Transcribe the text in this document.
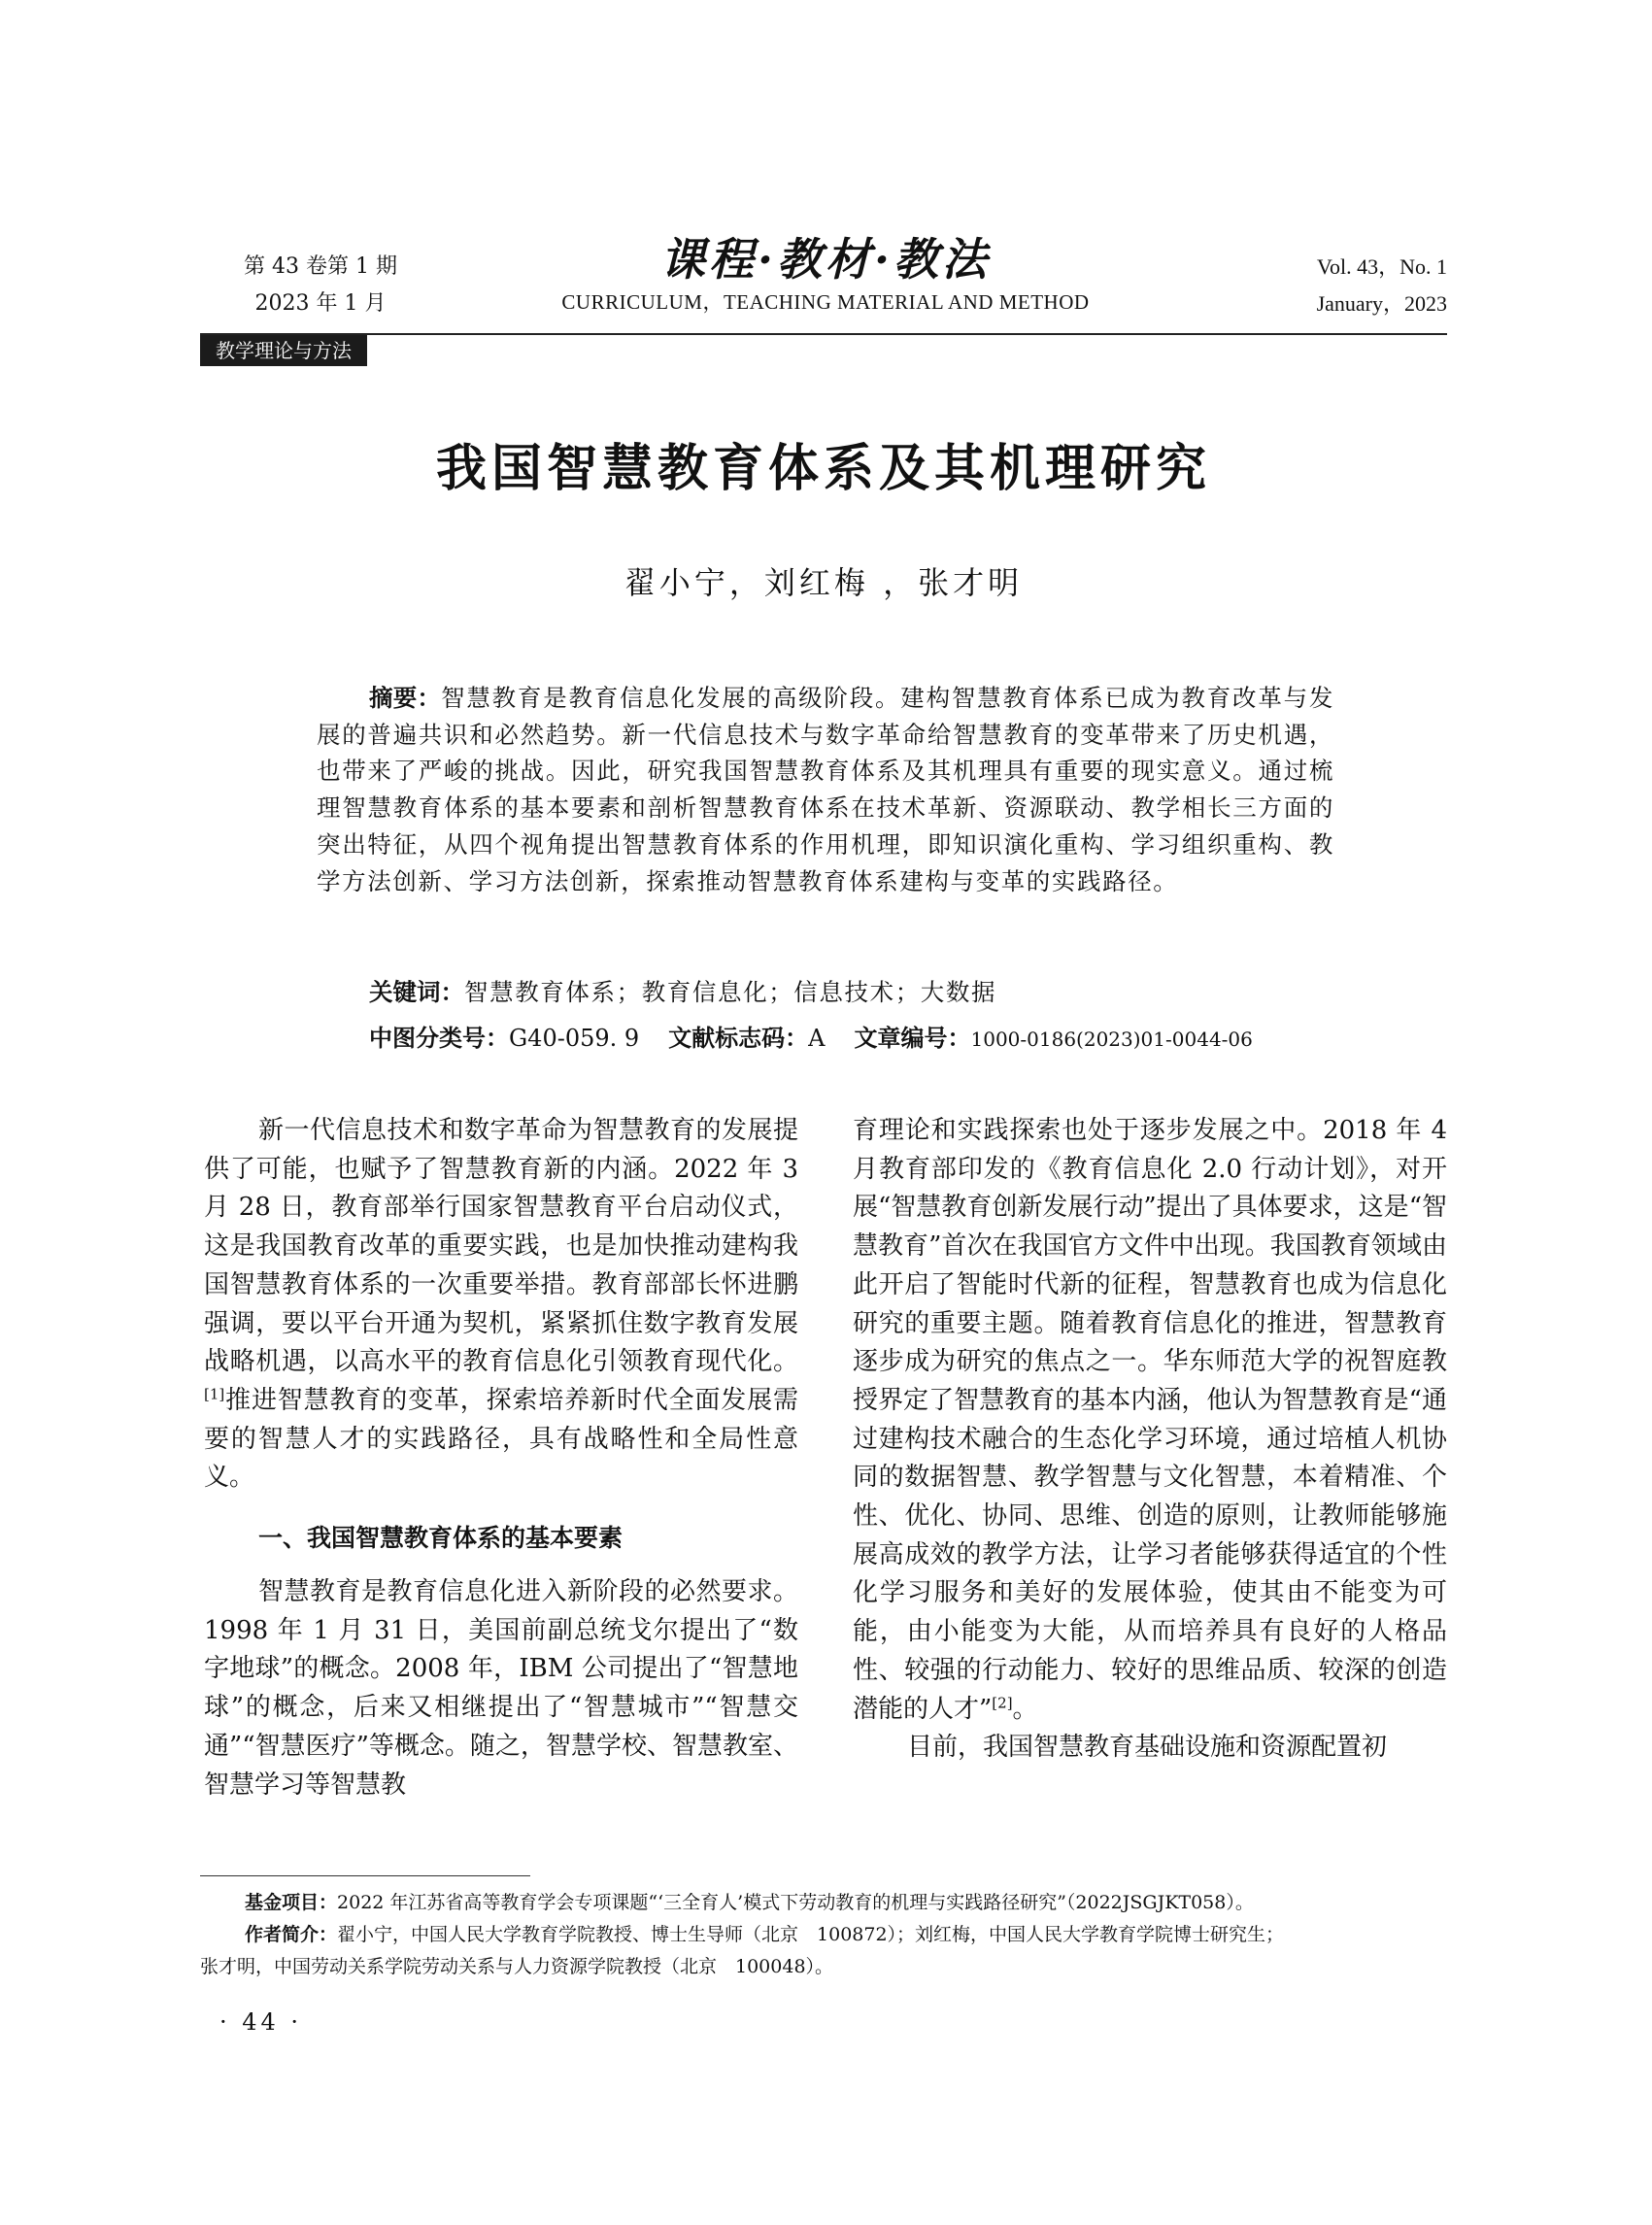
第 43 卷第 1 期
2023 年 1 月
课程·教材·教法
CURRICULUM，TEACHING MATERIAL AND METHOD
Vol. 43，No. 1
January，2023
教学理论与方法
我国智慧教育体系及其机理研究
翟小宁，刘红梅 ，张才明
摘要：智慧教育是教育信息化发展的高级阶段。建构智慧教育体系已成为教育改革与发展的普遍共识和必然趋势。新一代信息技术与数字革命给智慧教育的变革带来了历史机遇，也带来了严峻的挑战。因此，研究我国智慧教育体系及其机理具有重要的现实意义。通过梳理智慧教育体系的基本要素和剖析智慧教育体系在技术革新、资源联动、教学相长三方面的突出特征，从四个视角提出智慧教育体系的作用机理，即知识演化重构、学习组织重构、教学方法创新、学习方法创新，探索推动智慧教育体系建构与变革的实践路径。
关键词：智慧教育体系；教育信息化；信息技术；大数据
中图分类号：G40-059. 9 文献标志码：A 文章编号：1000-0186(2023)01-0044-06

新一代信息技术和数字革命为智慧教育的发展提供了可能，也赋予了智慧教育新的内涵。2022 年 3 月 28 日，教育部举行国家智慧教育平台启动仪式，这是我国教育改革的重要实践，也是加快推动建构我国智慧教育体系的一次重要举措。教育部部长怀进鹏强调，要以平台开通为契机，紧紧抓住数字教育发展战略机遇，以高水平的教育信息化引领教育现代化。[1]推进智慧教育的变革，探索培养新时代全面发展需要的智慧人才的实践路径，具有战略性和全局性意义。

一、我国智慧教育体系的基本要素

智慧教育是教育信息化进入新阶段的必然要求。1998 年 1 月 31 日，美国前副总统戈尔提出了“数字地球”的概念。2008 年，IBM 公司提出了“智慧地球”的概念，后来又相继提出了“智慧城市”“智慧交通”“智慧医疗”等概念。随之，智慧学校、智慧教室、智慧学习等智慧教

育理论和实践探索也处于逐步发展之中。2018 年 4 月教育部印发的《教育信息化 2.0 行动计划》，对开展“智慧教育创新发展行动”提出了具体要求，这是“智慧教育”首次在我国官方文件中出现。我国教育领域由此开启了智能时代新的征程，智慧教育也成为信息化研究的重要主题。随着教育信息化的推进，智慧教育逐步成为研究的焦点之一。华东师范大学的祝智庭教授界定了智慧教育的基本内涵，他认为智慧教育是“通过建构技术融合的生态化学习环境，通过培植人机协同的数据智慧、教学智慧与文化智慧，本着精准、个性、优化、协同、思维、创造的原则，让教师能够施展高成效的教学方法，让学习者能够获得适宜的个性化学习服务和美好的发展体验，使其由不能变为可能，由小能变为大能，从而培养具有良好的人格品性、较强的行动能力、较好的思维品质、较深的创造潜能的人才”[2]。

目前，我国智慧教育基础设施和资源配置初

基金项目：2022 年江苏省高等教育学会专项课题“‘三全育人’模式下劳动教育的机理与实践路径研究”（2022JSGJKT058）。

作者简介：翟小宁，中国人民大学教育学院教授、博士生导师（北京　100872）；刘红梅，中国人民大学教育学院博士研究生；

张才明，中国劳动关系学院劳动关系与人力资源学院教授（北京　100048）。

· 44 ·
